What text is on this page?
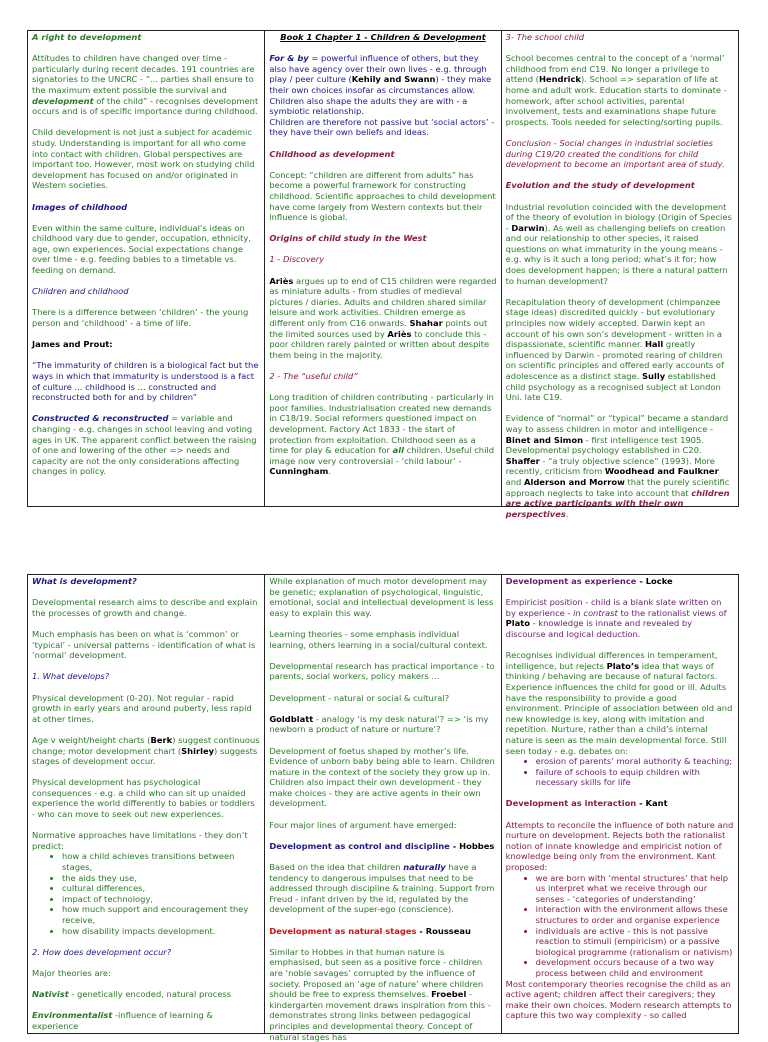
A right to development

Attitudes to children have changed over time - particularly during recent decades. 191 countries are signatories to the UNCRC - “... parties shall ensure to the maximum extent possible the survival and development of the child” - recognises development occurs and is of specific importance during childhood.

Child development is not just a subject for academic study. Understanding is important for all who come into contact with children. Global perspectives are important too. However, most work on studying child development has focused on and/or originated in Western societies.

Images of childhood

Even within the same culture, individual’s ideas on childhood vary due to gender, occupation, ethnicity, age, own experiences. Social expectations change over time - e.g. feeding babies to a timetable vs. feeding on demand.

Children and childhood

There is a difference between ‘children’ - the young person and ‘childhood’ - a time of life.

James and Prout:

“The immaturity of children is a biological fact but the ways in which that immaturity is understood is a fact of culture ... childhood is ... constructed and reconstructed both for and by children”

Constructed & reconstructed = variable and changing - e.g. changes in school leaving and voting ages in UK. The apparent conflict between the raising of one and lowering of the other => needs and capacity are not the only considerations affecting changes in policy.

Book 1 Chapter 1 - Children & Development

For & by = powerful influence of others, but they also have agency over their own lives - e.g. through play / peer culture (Kehily and Swann) - they make their own choices insofar as circumstances allow. Children also shape the adults they are with - a symbiotic relationship.
Children are therefore not passive but ‘social actors’ - they have their own beliefs and ideas.

Childhood as development

Concept: “children are different from adults” has become a powerful framework for constructing childhood. Scientific approaches to child development have come largely from Western contexts but their influence is global.

Origins of child study in the West

1 - Discovery

Ariès argues up to end of C15 children were regarded as miniature adults - from studies of medieval pictures / diaries. Adults and children shared similar leisure and work activities. Children emerge as different only from C16 onwards. Shahar points out the limited sources used by Ariès to conclude this - poor children rarely painted or written about despite them being in the majority.

2 - The “useful child”

Long tradition of children contributing - particularly in poor families. Industrialisation created new demands in C18/19. Social reformers questioned impact on development. Factory Act 1833 - the start of protection from exploitation. Childhood seen as a time for play & education for all children. Useful child image now very controversial - ‘child labour’ - Cunningham.

3- The school child

School becomes central to the concept of a ‘normal’ childhood from end C19. No longer a privilege to attend (Hendrick). School => separation of life at home and adult work. Education starts to dominate - homework, after school activities, parental involvement, tests and examinations shape future prospects. Tools needed for selecting/sorting pupils.

Conclusion - Social changes in industrial societies during C19/20 created the conditions for child development to become an important area of study.

Evolution and the study of development

Industrial revolution coincided with the development of the theory of evolution in biology (Origin of Species - Darwin). As well as challenging beliefs on creation and our relationship to other species, it raised questions on what immaturity in the young means - e.g. why is it such a long period; what’s it for; how does development happen; is there a natural pattern to human development?

Recapitulation theory of development (chimpanzee stage ideas) discredited quickly - but evolutionary principles now widely accepted. Darwin kept an account of his own son’s development - written in a dispassionate, scientific manner. Hall greatly influenced by Darwin - promoted rearing of children on scientific principles and offered early accounts of adolescence as a distinct stage. Sully established child psychology as a recognised subject at London Uni. late C19.

Evidence of “normal” or “typical” became a standard way to assess children in motor and intelligence - Binet and Simon - first intelligence test 1905. Developmental psychology established in C20. Shaffer - “a truly objective science” (1993). More recently, criticism from Woodhead and Faulkner and Alderson and Morrow that the purely scientific approach neglects to take into account that children are active participants with their own perspectives.

What is development?

Developmental research aims to describe and explain the processes of growth and change.

Much emphasis has been on what is ‘common’ or ‘typical’ - universal patterns - identification of what is ‘normal’ development.

1. What develops?

Physical development (0-20). Not regular - rapid growth in early years and around puberty, less rapid at other times.

Age v weight/height charts (Berk) suggest continuous change; motor development chart (Shirley) suggests stages of development occur.

Physical development has psychological consequences - e.g. a child who can sit up unaided experience the world differently to babies or toddlers - who can move to seek out new experiences.

Normative approaches have limitations - they don’t predict:

• how a child achieves transitions between stages,
• the aids they use,
• cultural differences,
• impact of technology,
• how much support and encouragement they receive,
• how disability impacts development.

2. How does development occur?

Major theories are:

Nativist - genetically encoded, natural process

Environmentalist -influence of learning & experience

While explanation of much motor development may be genetic; explanation of psychological, linguistic, emotional, social and intellectual development is less easy to explain this way.

Learning theories - some emphasis individual learning, others learning in a social/cultural context.

Developmental research has practical importance - to parents, social workers, policy makers ...

Development - natural or social & cultural?

Goldblatt - analogy ‘is my desk natural’? => ‘is my newborn a product of nature or nurture’?

Development of foetus shaped by mother’s life. Evidence of unborn baby being able to learn. Children mature in the context of the society they grow up in. Children also impact their own development - they make choices - they are active agents in their own development.

Four major lines of argument have emerged:

Development as control and discipline - Hobbes

Based on the idea that children naturally have a tendency to dangerous impulses that need to be addressed through discipline & training. Support from Freud - infant driven by the id, regulated by the development of the super-ego (conscience).

Development as natural stages - Rousseau

Similar to Hobbes in that human nature is emphasised, but seen as a positive force - children are ‘noble savages’ corrupted by the influence of society. Proposed an ‘age of nature’ where children should be free to express themselves. Froebel - kindergarten movement draws inspiration from this - demonstrates strong links between pedagogical principles and developmental theory. Concept of natural stages has

Development as experience - Locke

Empiricist position - child is a blank slate written on by experience - in contrast to the rationalist views of Plato - knowledge is innate and revealed by discourse and logical deduction.

Recognises individual differences in temperament, intelligence, but rejects Plato’s idea that ways of thinking / behaving are because of natural factors. Experience influences the child for good or ill. Adults have the responsibility to provide a good environment. Principle of association between old and new knowledge is key, along with imitation and repetition. Nurture, rather than a child’s internal nature is seen as the main developmental force. Still seen today - e.g. debates on:

• erosion of parents’ moral authority & teaching;
• failure of schools to equip children with necessary skills for life

Development as interaction - Kant

Attempts to reconcile the influence of both nature and nurture on development. Rejects both the rationalist notion of innate knowledge and empiricist notion of knowledge being only from the environment. Kant proposed:

• we are born with ‘mental structures’ that help us interpret what we receive through our senses - ‘categories of understanding’
• interaction with the environment allows these structures to order and organise experience
• individuals are active - this is not passive reaction to stimuli (empiricism) or a passive biological programme (rationalism or nativism)
• development occurs because of a two way process between child and environment

Most contemporary theories recognise the child as an active agent; children affect their caregivers; they make their own choices. Modern research attempts to capture this two way complexity - so called
